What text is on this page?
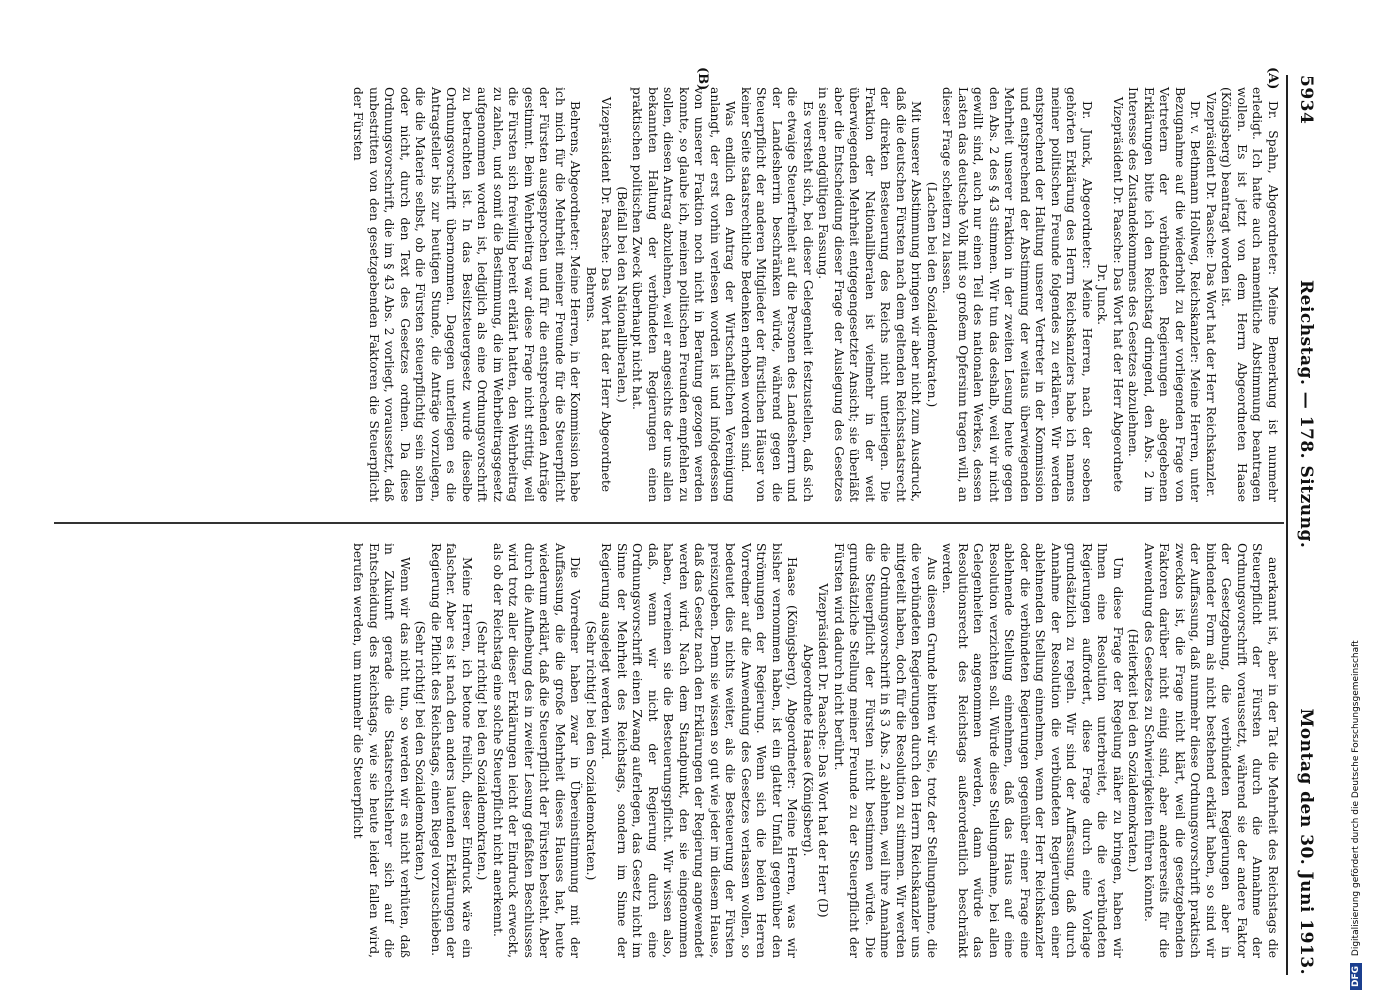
5934
Reichstag. — 178. Sitzung.
Montag den 30. Juni 1913.
(A)
(B)

Dr. Spahn, Abgeordneter: Meine Bemerkung ist nunmehr erledigt. Ich hatte auch namentliche Abstimmung beantragen wollen. Es ist jetzt von dem Herrn Abgeordneten Haase (Königsberg) beantragt worden ist.

Vizepräsident Dr. Paasche: Das Wort hat der Herr Reichskanzler.

Dr. v. Bethmann Hollweg, Reichskanzler: Meine Herren, unter Bezugnahme auf die wiederholt zu der vorliegenden Frage von Vertretern der verbündeten Regierungen abgegebenen Erklärungen bitte ich den Reichstag dringend, den Abs. 2 im Interesse des Zustandekommens des Gesetzes abzulehnen.

Vizepräsident Dr. Paasche: Das Wort hat der Herr Abgeordnete Dr. Junck.

Dr. Junck, Abgeordneter: Meine Herren, nach der soeben gehörten Erklärung des Herrn Reichskanzlers habe ich namens meiner politischen Freunde folgendes zu erklären. Wir werden entsprechend der Haltung unserer Vertreter in der Kommission und entsprechend der Abstimmung der weitaus überwiegenden Mehrheit unserer Fraktion in der zweiten Lesung heute gegen den Abs. 2 des § 43 stimmen. Wir tun das deshalb, weil wir nicht gewillt sind, auch nur einen Teil des nationalen Werkes, dessen Lasten das deutsche Volk mit so großem Opfersinn tragen will, an dieser Frage scheitern zu lassen.

(Lachen bei den Sozialdemokraten.)

Mit unserer Abstimmung bringen wir aber nicht zum Ausdruck, daß die deutschen Fürsten nach dem geltenden Reichsstaatsrecht der direkten Besteuerung des Reichs nicht unterliegen. Die Fraktion der Nationalliberalen ist vielmehr in der weit überwiegenden Mehrheit entgegengesetzter Ansicht; sie überläßt aber die Entscheidung dieser Frage der Auslegung des Gesetzes in seiner endgültigen Fassung.

Es versteht sich, bei dieser Gelegenheit festzustellen, daß sich die etwaige Steuerfreiheit auf die Personen des Landesherrn und der Landesherrin beschränken würde, während gegen die Steuerpflicht der anderen Mitglieder der fürstlichen Häuser von keiner Seite staatsrechtliche Bedenken erhoben worden sind.

Was endlich den Antrag der Wirtschaftlichen Vereinigung anlangt, der erst vorhin verlesen worden ist und infolgedessen von unserer Fraktion noch nicht in Beratung gezogen werden konnte, so glaube ich, meinen politischen Freunden empfehlen zu sollen, diesen Antrag abzulehnen, weil er angesichts der uns allen bekannten Haltung der verbündeten Regierungen einen praktischen politischen Zweck überhaupt nicht hat.

(Beifall bei den Nationalliberalen.)

Vizepräsident Dr. Paasche: Das Wort hat der Herr Abgeordnete Behrens.

Behrens, Abgeordneter: Meine Herren, in der Kommission habe ich mich für die Mehrheit meiner Freunde für die Steuerpflicht der Fürsten ausgesprochen und für die entsprechenden Anträge gestimmt. Beim Wehrbeitrag war diese Frage nicht strittig, weil die Fürsten sich freiwillig bereit erklärt hatten, den Wehrbeitrag zu zahlen, und somit die Bestimmung, die im Wehrbeitragsgesetz aufgenommen worden ist, lediglich als eine Ordnungsvorschrift zu betrachten ist. In das Besitzsteuergesetz wurde dieselbe Ordnungsvorschrift übernommen. Dagegen unterliegen es die Antragsteller bis zur heutigen Stunde, die Anträge vorzulegen, die die Materie selbst, ob die Fürsten steuerpflichtig sein sollen oder nicht, durch den Text des Gesetzes ordnen. Da diese Ordnungsvorschrift, die im § 43 Abs. 2 vorliegt, voraussetzt, daß unbestritten von den gesetzgebenden Faktoren die Steuerpflicht der Fürsten

anerkannt ist, aber in der Tat die Mehrheit des Reichstags die Steuerpflicht der Fürsten durch die Annahme der Ordnungsvorschrift voraussetzt, während sie der andere Faktor der Gesetzgebung, die verbündeten Regierungen aber in bindender Form als nicht bestehend erklärt haben, so sind wir der Auffassung, daß nunmehr diese Ordnungsvorschrift praktisch zwecklos ist, die Frage nicht klärt, weil die gesetzgebenden Faktoren darüber nicht einig sind, aber andererseits für die Anwendung des Gesetzes zu Schwierigkeiten führen könnte.

(Heiterkeit bei den Sozialdemokraten.)

Um diese Frage der Regelung näher zu bringen, haben wir Ihnen eine Resolution unterbreitet, die die verbündeten Regierungen auffordert, diese Frage durch eine Vorlage grundsätzlich zu regeln. Wir sind der Auffassung, daß durch Annahme der Resolution die verbündeten Regierungen einer ablehnenden Stellung einnehmen, wenn der Herr Reichskanzler oder die verbündeten Regierungen gegenüber einer Frage eine ablehnende Stellung einnehmen, daß das Haus auf eine Resolution verzichten soll. Würde diese Stellungnahme, bei allen Gelegenheiten angenommen werden, dann würde das Resolutionsrecht des Reichstags außerordentlich beschränkt werden.

Aus diesem Grunde bitten wir Sie, trotz der Stellungnahme, die die verbündeten Regierungen durch den Herrn Reichskanzler uns mitgeteilt haben, doch für die Resolution zu stimmen. Wir werden die Ordnungsvorschrift in § 3 Abs. 2 ablehnen, weil ihre Annahme die Steuerpflicht der Fürsten nicht bestimmen würde. Die grundsätzliche Stellung meiner Freunde zu der Steuerpflicht der Fürsten wird dadurch nicht berührt.

Vizepräsident Dr. Paasche: Das Wort hat der Herr (D) Abgeordnete Haase (Königsberg).

Haase (Königsberg), Abgeordneter: Meine Herren, was wir bisher vernommen haben, ist ein glatter Umfall gegenüber den Strömungen der Regierung. Wenn sich die beiden Herren Vorredner auf die Anwendung des Gesetzes verlassen wollen, so bedeutet dies nichts weiter, als die Besteuerung der Fürsten preiszugeben. Denn sie wissen so gut wie jeder im diesem Hause, daß das Gesetz nach den Erklärungen der Regierung angewendet werden wird. Nach dem Standpunkt, den sie eingenommen haben, verneinen sie die Besteuerungspflicht. Wir wissen also, daß, wenn wir nicht der Regierung durch eine Ordnungsvorschrift einen Zwang auferlegen, das Gesetz nicht im Sinne der Mehrheit des Reichstags, sondern im Sinne der Regierung ausgelegt werden wird.

(Sehr richtig! bei den Sozialdemokraten.)

Die Vorredner haben zwar in Übereinstimmung mit der Auffassung, die die große Mehrheit dieses Hauses hat, heute wiederum erklärt, daß die Steuerpflicht der Fürsten besteht. Aber durch die Aufhebung des in zweiter Lesung gefaßten Beschlusses wird trotz aller dieser Erklärungen leicht der Eindruck erweckt, als ob der Reichstag eine solche Steuerpflicht nicht anerkennt.

(Sehr richtig! bei den Sozialdemokraten.)

Meine Herren, ich betone freilich, dieser Eindruck wäre ein falscher. Aber es ist nach den anders lautenden Erklärungen der Regierung die Pflicht des Reichstags, einen Riegel vorzuschieben.

(Sehr richtig! bei den Sozialdemokraten.)

Wenn wir das nicht tun, so werden wir es nicht verhüten, daß in Zukunft gerade die Staatsrechtslehrer sich auf die Entscheidung des Reichstags, wie sie heute leider fallen wird, berufen werden, um nunmehr die Steuerpflicht

DFG Digitalisierung gefördert durch die Deutsche Forschungsgemeinschaft
